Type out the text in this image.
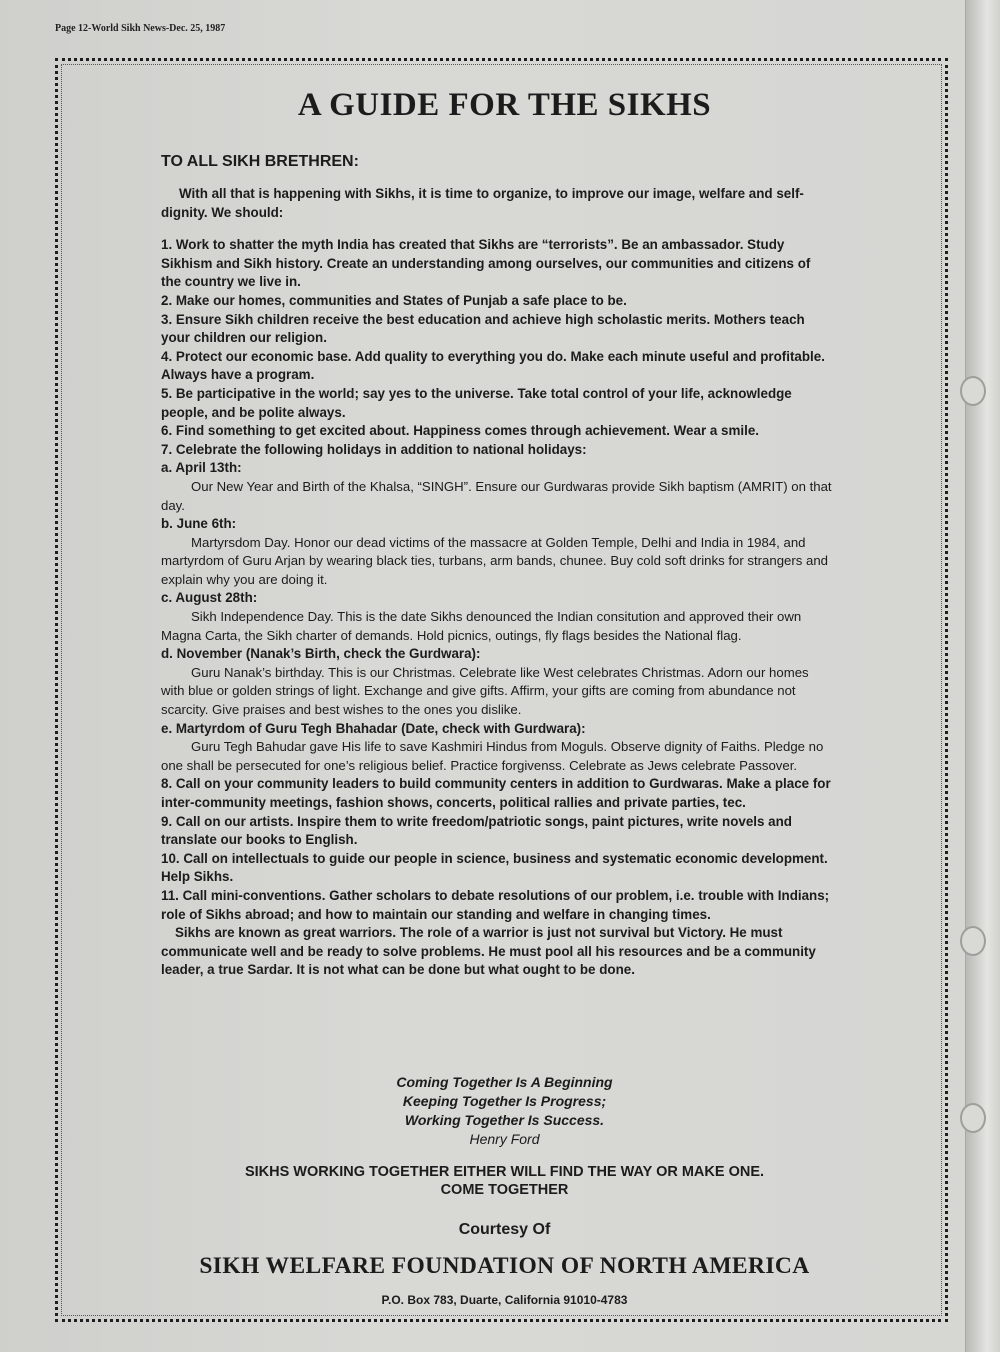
Page 12-World Sikh News-Dec. 25, 1987
A GUIDE FOR THE SIKHS

TO ALL SIKH BRETHREN:

With all that is happening with Sikhs, it is time to organize, to improve our image, welfare and self-dignity. We should:

1. Work to shatter the myth India has created that Sikhs are “terrorists”. Be an ambassador. Study Sikhism and Sikh history. Create an understanding among ourselves, our communities and citizens of the country we live in.

2. Make our homes, communities and States of Punjab a safe place to be.

3. Ensure Sikh children receive the best education and achieve high scholastic merits. Mothers teach your children our religion.

4. Protect our economic base. Add quality to everything you do. Make each minute useful and profitable. Always have a program.

5. Be participative in the world; say yes to the universe. Take total control of your life, acknowledge people, and be polite always.

6. Find something to get excited about. Happiness comes through achievement. Wear a smile.

7. Celebrate the following holidays in addition to national holidays:

a. April 13th:

Our New Year and Birth of the Khalsa, “SINGH”. Ensure our Gurdwaras provide Sikh baptism (AMRIT) on that day.

b. June 6th:

Martyrsdom Day. Honor our dead victims of the massacre at Golden Temple, Delhi and India in 1984, and martyrdom of Guru Arjan by wearing black ties, turbans, arm bands, chunee. Buy cold soft drinks for strangers and explain why you are doing it.

c. August 28th:

Sikh Independence Day. This is the date Sikhs denounced the Indian consitution and approved their own Magna Carta, the Sikh charter of demands. Hold picnics, outings, fly flags besides the National flag.

d. November (Nanak’s Birth, check the Gurdwara):

Guru Nanak’s birthday. This is our Christmas. Celebrate like West celebrates Christmas. Adorn our homes with blue or golden strings of light. Exchange and give gifts. Affirm, your gifts are coming from abundance not scarcity. Give praises and best wishes to the ones you dislike.

e. Martyrdom of Guru Tegh Bhahadar (Date, check with Gurdwara):

Guru Tegh Bahudar gave His life to save Kashmiri Hindus from Moguls. Observe dignity of Faiths. Pledge no one shall be persecuted for one’s religious belief. Practice forgivenss. Celebrate as Jews celebrate Passover.

8. Call on your community leaders to build community centers in addition to Gurdwaras. Make a place for inter-community meetings, fashion shows, concerts, political rallies and private parties, tec.

9. Call on our artists. Inspire them to write freedom/patriotic songs, paint pictures, write novels and translate our books to English.

10. Call on intellectuals to guide our people in science, business and systematic economic development. Help Sikhs.

11. Call mini-conventions. Gather scholars to debate resolutions of our problem, i.e. trouble with Indians; role of Sikhs abroad; and how to maintain our standing and welfare in changing times.

Sikhs are known as great warriors. The role of a warrior is just not survival but Victory. He must communicate well and be ready to solve problems. He must pool all his resources and be a community leader, a true Sardar. It is not what can be done but what ought to be done.

Coming Together Is A Beginning
Keeping Together Is Progress;
Working Together Is Success.
Henry Ford
SIKHS WORKING TOGETHER EITHER WILL FIND THE WAY OR MAKE ONE.
COME TOGETHER
Courtesy Of
SIKH WELFARE FOUNDATION OF NORTH AMERICA
P.O. Box 783, Duarte, California 91010-4783
